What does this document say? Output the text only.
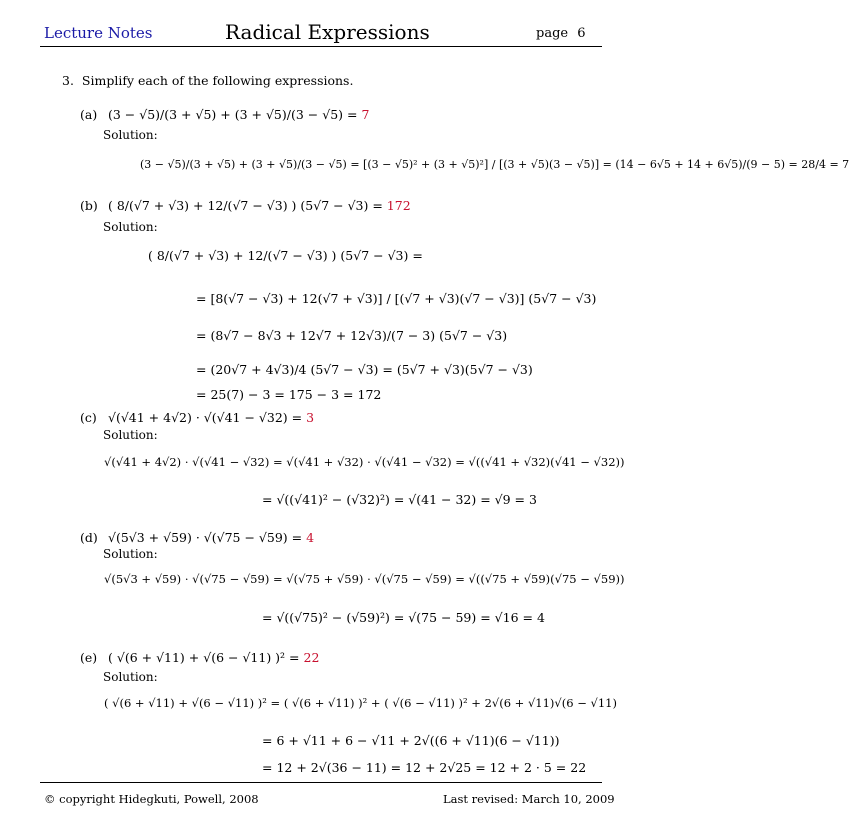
Lecture Notes	Radical Expressions	page 6
3. Simplify each of the following expressions.
(a) (3 − √5)/(3 + √5) + (3 + √5)/(3 − √5) = 7
Solution:
(3 − √5)/(3 + √5) + (3 + √5)/(3 − √5) = [(3 − √5)² + (3 + √5)²] / [(3 + √5)(3 − √5)] = (14 − 6√5 + 14 + 6√5)/(9 − 5) = 28/4 = 7
(b) ( 8/(√7 + √3) + 12/(√7 − √3) ) (5√7 − √3) = 172
Solution:
( 8/(√7 + √3) + 12/(√7 − √3) ) (5√7 − √3) =
= [8(√7 − √3) + 12(√7 + √3)] / [(√7 + √3)(√7 − √3)] (5√7 − √3)
= (8√7 − 8√3 + 12√7 + 12√3)/(7 − 3) (5√7 − √3)
= (20√7 + 4√3)/4 (5√7 − √3) = (5√7 + √3)(5√7 − √3)
= 25(7) − 3 = 175 − 3 = 172
(c) √(√41 + 4√2) · √(√41 − √32) = 3
Solution:
√(√41 + 4√2) · √(√41 − √32) = √(√41 + √32) · √(√41 − √32) = √((√41 + √32)(√41 − √32))
= √((√41)² − (√32)²) = √(41 − 32) = √9 = 3
(d) √(5√3 + √59) · √(√75 − √59) = 4
Solution:
√(5√3 + √59) · √(√75 − √59) = √(√75 + √59) · √(√75 − √59) = √((√75 + √59)(√75 − √59))
= √((√75)² − (√59)²) = √(75 − 59) = √16 = 4
(e) ( √(6 + √11) + √(6 − √11) )² = 22
Solution:
( √(6 + √11) + √(6 − √11) )² = ( √(6 + √11) )² + ( √(6 − √11) )² + 2√(6 + √11)√(6 − √11)
= 6 + √11 + 6 − √11 + 2√((6 + √11)(6 − √11))
= 12 + 2√(36 − 11) = 12 + 2√25 = 12 + 2 · 5 = 22
© copyright Hidegkuti, Powell, 2008	Last revised: March 10, 2009
